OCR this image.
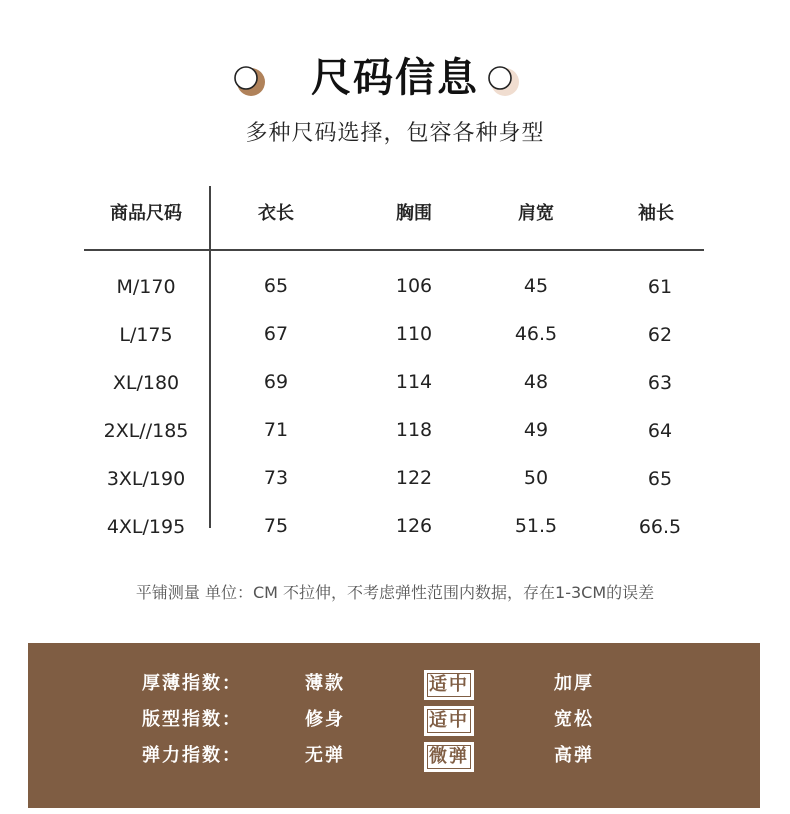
尺码信息
多种尺码选择，包容各种身型
商品尺码	衣长	胸围	肩宽	袖长
M/170	65	106	45	61
L/175	67	110	46.5	62
XL/180	69	114	48	63
2XL//185	71	118	49	64
3XL/190	73	122	50	65
4XL/195	75	126	51.5	66.5
平铺测量 单位：CM 不拉伸，不考虑弹性范围内数据，存在1-3CM的误差
厚薄指数：	薄款	适中	加厚
版型指数：	修身	适中	宽松
弹力指数：	无弹	微弹	高弹
